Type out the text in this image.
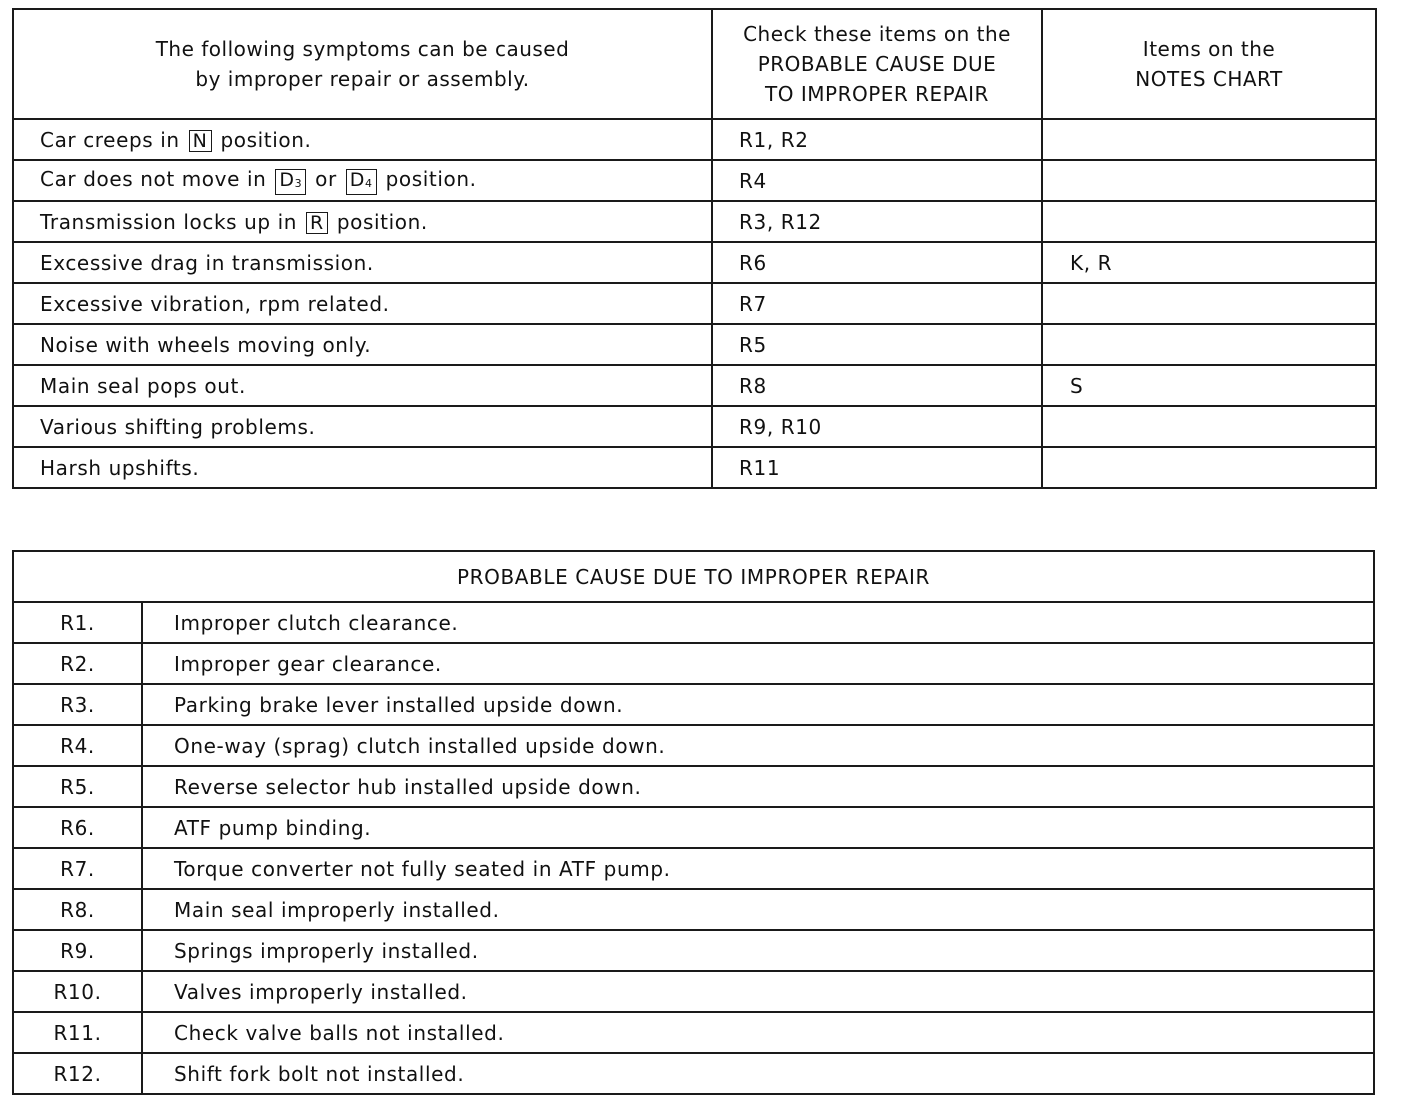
The following symptoms can be caused
by improper repair or assembly.	Check these items on the
PROBABLE CAUSE DUE
TO IMPROPER REPAIR	Items on the
NOTES CHART

Car creeps in N position.	R1, R2	
Car does not move in $D_3$ or $D_4$ position.	R4	
Transmission locks up in R position.	R3, R12	
Excessive drag in transmission.	R6	K, R
Excessive vibration, rpm related.	R7	
Noise with wheels moving only.	R5	
Main seal pops out.	R8	S
Various shifting problems.	R9, R10	
Harsh upshifts.	R11	
PROBABLE CAUSE DUE TO IMPROPER REPAIR	
R1.	Improper clutch clearance.
R2.	Improper gear clearance.
R3.	Parking brake lever installed upside down.
R4.	One-way (sprag) clutch installed upside down.
R5.	Reverse selector hub installed upside down.
R6.	ATF pump binding.
R7.	Torque converter not fully seated in ATF pump.
R8.	Main seal improperly installed.
R9.	Springs improperly installed.
R10.	Valves improperly installed.
R11.	Check valve balls not installed.
R12.	Shift fork bolt not installed.
